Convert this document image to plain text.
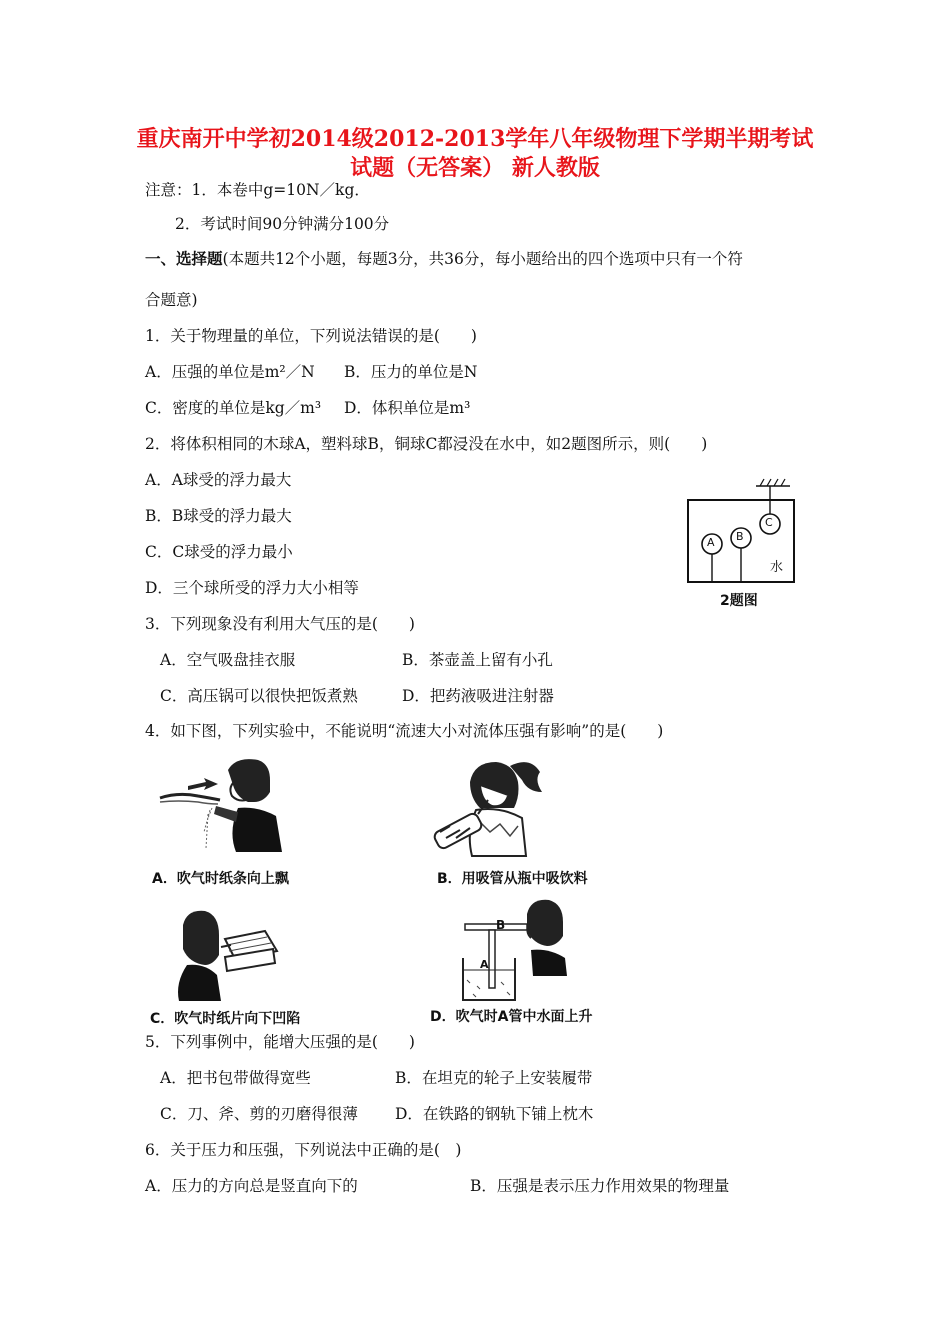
重庆南开中学初2014级2012-2013学年八年级物理下学期半期考试
试题（无答案） 新人教版
注意：1．本卷中g=10N／kg．
2．考试时间90分钟满分100分
一、选择题(本题共12个小题，每题3分，共36分，每小题给出的四个选项中只有一个符
合题意)
1．关于物理量的单位，下列说法错误的是(　　)
A．压强的单位是m²／N B．压力的单位是N
C．密度的单位是kg／m³ D．体积单位是m³
2．将体积相同的木球A，塑料球B，铜球C都浸没在水中，如2题图所示，则(　　)
A．A球受的浮力最大
B．B球受的浮力最大
C．C球受的浮力最小
D．三个球所受的浮力大小相等
A B
C
水
2题图
3．下列现象没有利用大气压的是(　　)
A．空气吸盘挂衣服	B．茶壶盖上留有小孔
C．高压锅可以很快把饭煮熟	D．把药液吸进注射器
4．如下图，下列实验中，不能说明“流速大小对流体压强有影响”的是(　　)
A．吹气时纸条向上飘	B．用吸管从瓶中吸饮料
C．吹气时纸片向下凹陷
B
A
D．吹气时A管中水面上升
5．下列事例中，能增大压强的是(　　)
A．把书包带做得宽些	B．在坦克的轮子上安装履带
C．刀、斧、剪的刃磨得很薄 D．在铁路的钢轨下铺上枕木
6．关于压力和压强，下列说法中正确的是(　)
A．压力的方向总是竖直向下的	B．压强是表示压力作用效果的物理量
